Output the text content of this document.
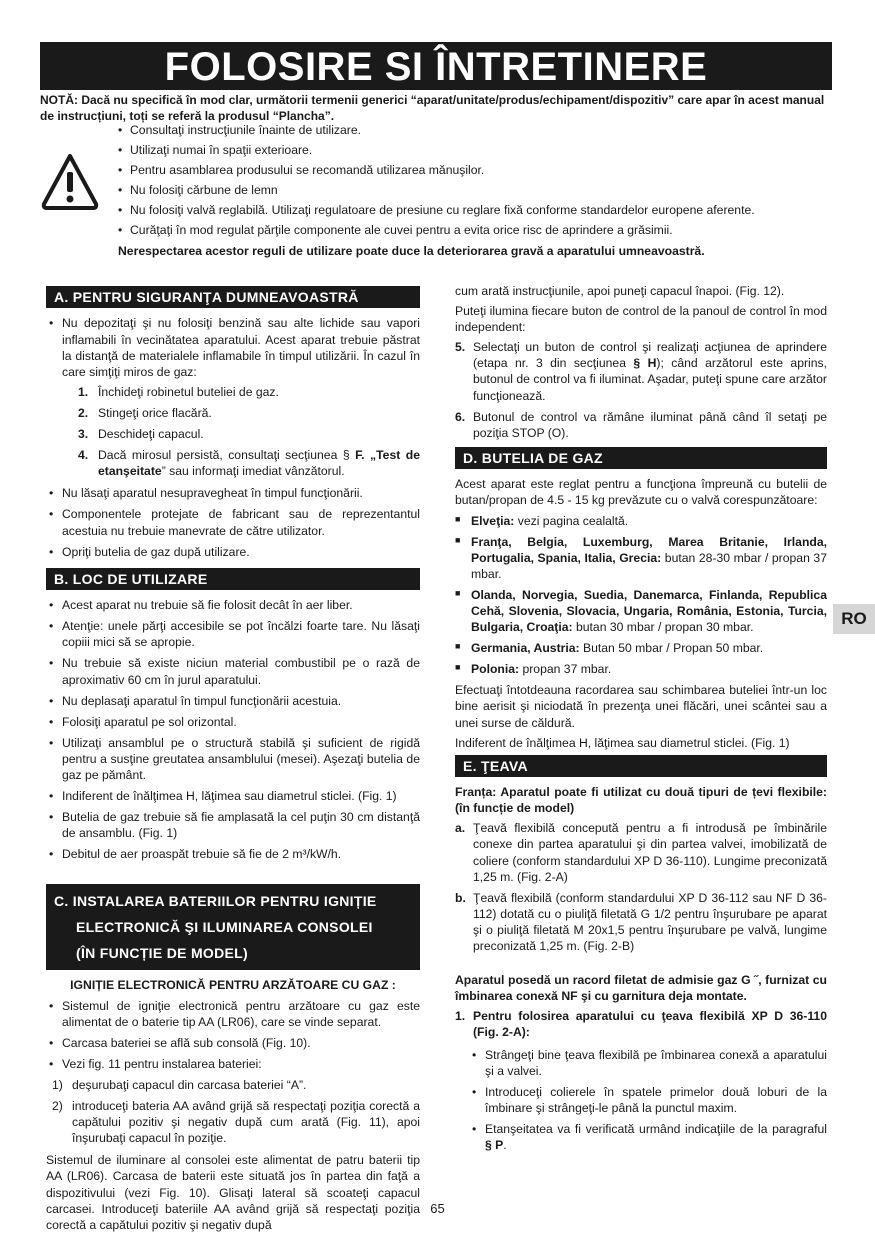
FOLOSIRE SI ÎNTRETINERE
NOTĂ: Dacă nu specifică în mod clar, următorii termenii generici “aparat/unitate/produs/echipament/dispozitiv” care apar în acest manual de instrucțiuni, toți se referă la produsul “Plancha”.
• Consultaţi instrucţiunile înainte de utilizare.
• Utilizaţi numai în spaţii exterioare.
• Pentru asamblarea produsului se recomandă utilizarea mănuşilor.
• Nu folosiţi cărbune de lemn
• Nu folosiţi valvă reglabilă. Utilizaţi regulatoare de presiune cu reglare fixă conforme standardelor europene aferente.
• Curăţaţi în mod regulat părţile componente ale cuvei pentru a evita orice risc de aprindere a grăsimii.
Nerespectarea acestor reguli de utilizare poate duce la deteriorarea gravă a aparatului umneavoastră.
A. PENTRU SIGURANŢA DUMNEAVOASTRĂ
• Nu depozitaţi şi nu folosiţi benzină sau alte lichide sau vapori inflamabili în vecinătatea aparatului. Acest aparat trebuie păstrat la distanţă de materialele inflamabile în timpul utilizării. În cazul în care simţiţi miros de gaz:
1. Închideţi robinetul buteliei de gaz.
2. Stingeţi orice flacără.
3. Deschideţi capacul.
4. Dacă mirosul persistă, consultaţi secţiunea § F. „Test de etanşeitate” sau informaţi imediat vânzătorul.
• Nu lăsaţi aparatul nesupravegheat în timpul funcţionării.
• Componentele protejate de fabricant sau de reprezentantul acestuia nu trebuie manevrate de către utilizator.
• Opriţi butelia de gaz după utilizare.
B. LOC DE UTILIZARE
• Acest aparat nu trebuie să fie folosit decât în aer liber.
• Atenţie: unele părţi accesibile se pot încălzi foarte tare. Nu lăsaţi copiii mici să se apropie.
• Nu trebuie să existe niciun material combustibil pe o rază de aproximativ 60 cm în jurul aparatului.
• Nu deplasaţi aparatul în timpul funcţionării acestuia.
• Folosiţi aparatul pe sol orizontal.
• Utilizaţi ansamblul pe o structură stabilă şi suficient de rigidă pentru a susţine greutatea ansamblului (mesei). Aşezaţi butelia de gaz pe pământ.
• Indiferent de înălţimea H, lăţimea sau diametrul sticlei. (Fig. 1)
• Butelia de gaz trebuie să fie amplasată la cel puţin 30 cm distanţă de ansamblu. (Fig. 1)
• Debitul de aer proaspăt trebuie să fie de 2 m³/kW/h.
C. INSTALAREA BATERIILOR PENTRU IGNIȚIE
ELECTRONICĂ ŞI ILUMINAREA CONSOLEI
(ÎN FUNCȚIE DE MODEL)
IGNIȚIE ELECTRONICĂ PENTRU ARZĂTOARE CU GAZ :
• Sistemul de igniţie electronică pentru arzătoare cu gaz este alimentat de o baterie tip AA (LR06), care se vinde separat.
• Carcasa bateriei se află sub consolă (Fig. 10).
• Vezi fig. 11 pentru instalarea bateriei:
1) deşurubaţi capacul din carcasa bateriei “A”.
2) introduceţi bateria AA având grijă să respectaţi poziţia corectă a capătului pozitiv şi negativ după cum arată (Fig. 11), apoi înşurubaţi capacul în poziţie.

Sistemul de iluminare al consolei este alimentat de patru baterii tip AA (LR06). Carcasa de baterii este situată jos în partea din faţă a dispozitivului (vezi Fig. 10). Glisaţi lateral să scoateţi capacul carcasei. Introduceţi bateriile AA având grijă să respectaţi poziţia corectă a capătului pozitiv şi negativ după

cum arată instrucţiunile, apoi puneţi capacul înapoi. (Fig. 12).

Puteţi ilumina fiecare buton de control de la panoul de control în mod independent:

5. Selectaţi un buton de control şi realizaţi acţiunea de aprindere (etapa nr. 3 din secţiunea § H); când arzătorul este aprins, butonul de control va fi iluminat. Aşadar, puteţi spune care arzător funcţionează.
6. Butonul de control va rămâne iluminat până când îl setaţi pe poziţia STOP (O).
D. BUTELIA DE GAZ

Acest aparat este reglat pentru a funcţiona împreună cu butelii de butan/propan de 4.5 - 15 kg prevăzute cu o valvă corespunzătoare:

■ Elveţia: vezi pagina cealaltă.
■ Franţa, Belgia, Luxemburg, Marea Britanie, Irlanda, Portugalia, Spania, Italia, Grecia: butan 28-30 mbar / propan 37 mbar.
■ Olanda, Norvegia, Suedia, Danemarca, Finlanda, Republica Cehă, Slovenia, Slovacia, Ungaria, România, Estonia, Turcia, Bulgaria, Croaţia: butan 30 mbar / propan 30 mbar.
■ Germania, Austria: Butan 50 mbar / Propan 50 mbar.
■ Polonia: propan 37 mbar.

Efectuaţi întotdeauna racordarea sau schimbarea buteliei într-un loc bine aerisit şi niciodată în prezenţa unei flăcări, unei scântei sau a unei surse de căldură.

Indiferent de înălţimea H, lăţimea sau diametrul sticlei. (Fig. 1)

E. ŢEAVA

Franța: Aparatul poate fi utilizat cu două tipuri de țevi flexibile: (în funcție de model)

a. Ţeavă flexibilă concepută pentru a fi introdusă pe îmbinările conexe din partea aparatului şi din partea valvei, imobilizată de coliere (conform standardului XP D 36-110). Lungime preconizată 1,25 m. (Fig. 2-A)
b. Ţeavă flexibilă (conform standardului XP D 36-112 sau NF D 36-112) dotată cu o piuliţă filetată G 1/2 pentru înşurubare pe aparat şi o piuliţă filetată M 20x1,5 pentru înşurubare pe valvă, lungime preconizată 1,25 m. (Fig. 2-B)

Aparatul posedă un racord filetat de admisie gaz G ˝, furnizat cu îmbinarea conexă NF şi cu garnitura deja montate.

1. Pentru folosirea aparatului cu ţeava flexibilă XP D 36-110 (Fig. 2-A):
• Strângeţi bine ţeava flexibilă pe îmbinarea conexă a aparatului şi a valvei.
• Introduceţi colierele în spatele primelor două loburi de la îmbinare şi strângeţi-le până la punctul maxim.
• Etanşeitatea va fi verificată urmând indicaţiile de la paragraful § P.
RO
65
